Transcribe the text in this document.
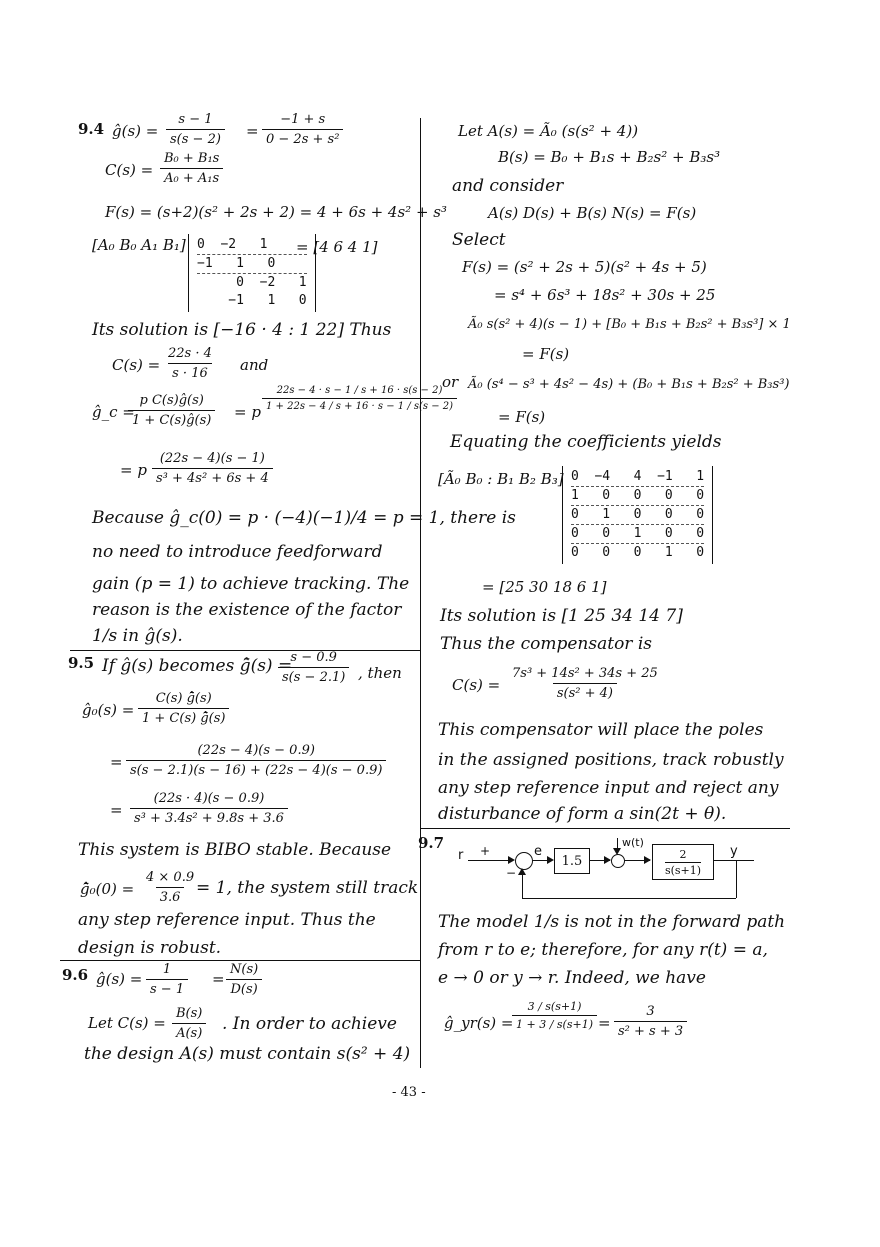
9.4 ĝ(s) = $\frac{s - 1}{s(s - 2)} = \frac{-1 + s}{\text{0 − 2s + s²}}$
$C(s) = \frac{\text{B₀ + B₁s}}{\text{A₀ + A₁s}}$
F(s) = (s+2)(s² + 2s + 2) = 4 + 6s + 4s² + s³
[A₀ B₀ A₁ B₁] 0  −2   1
−1   1   0
0  −2   1
−1   1   0
= [4 6 4 1]
Its solution is [−16 · 4 : 1 22] Thus
$C(s) = \frac{22s \cdot 4}{s \cdot 16}$ and
ĝ_c =
$\frac{\text{p C(s)ĝ(s)}}{1 + C(s)ĝ(s)} = p \frac{22s - 4 \cdot s - 1 / s + 16 \cdot s(s - 2)}{1 + 22s - 4 / s + 16 \cdot s - 1 / s(s - 2)}$
= p $\frac{(22s - 4)(s - 1)}{\text{s³ + 4s² + 6s + 4}}$
Because ĝ_c(0) = p · (−4)(−1)/4 = p = 1, there is
no need to introduce feedforward
gain (p = 1) to achieve tracking. The
reason is the existence of the factor
1/s in ĝ(s).
9.5 If ĝ(s) becomes ĝ̄(s) =
$\frac{s - 0.9}{s(s - 2.1)}$ , then
ĝ₀(s) = $\frac{C(s) ĝ̄(s)}{1 + C(s) ĝ̄(s)}$
= $\frac{(22s - 4)(s - 0.9)}{s(s - 2.1)(s - 16) + (22s - 4)(s - 0.9)}$
= $\frac{(22s \cdot 4)(s - 0.9)}{\text{s³ + 3.4s² + 9.8s + 3.6}}$
This system is BIBO stable. Because
ĝ̄₀(0) = $\frac{4 \times 0.9}{3.6}$
= 1, the system still track
any step reference input. Thus the
design is robust.
9.6 ĝ(s) = $\frac{1}{s - 1} = \frac{N(s)}{D(s)}$
Let $C(s) = \frac{B(s)}{A(s)}$ . In order to achieve
the design A(s) must contain s(s² + 4)
Let A(s) = Ã₀ (s(s² + 4))
B(s) = B₀ + B₁s + B₂s² + B₃s³
and consider
A(s) D(s) + B(s) N(s) = F(s)
Select
F(s) = (s² + 2s + 5)(s² + 4s + 5)
= s⁴ + 6s³ + 18s² + 30s + 25
Ã₀ s(s² + 4)(s − 1) + [B₀ + B₁s + B₂s² + B₃s³] × 1
= F(s)
or Ã₀ (s⁴ − s³ + 4s² − 4s) + (B₀ + B₁s + B₂s² + B₃s³)
= F(s)
Equating the coefficients yields
[Ã₀ B₀ : B₁ B₂ B₃] 0  −4   4  −1   1
1   0   0   0   0
0   1   0   0   0
0   0   1   0   0
0   0   0   1   0
= [25 30 18 6 1]
Its solution is [1 25 34 14 7]
Thus the compensator is
$C(s) = \frac{\text{7s³ + 14s² + 34s + 25}}{\text{s(s² + 4)}}$
This compensator will place the poles
in the assigned positions, track robustly
any step reference input and reject any
disturbance of form a sin(2t + θ).
9.7
r +
−
e
1.5
w(t)
2
s(s+1)
y
The model 1/s is not in the forward path
from r to e; therefore, for any r(t) = a,
e → 0 or y → r. Indeed, we have
ĝ_yr(s) =
$\frac{3 / s(s+1)}{1 + 3 / s(s+1)} = \frac{3}{\text{s² + s + 3}}$
- 43 -
